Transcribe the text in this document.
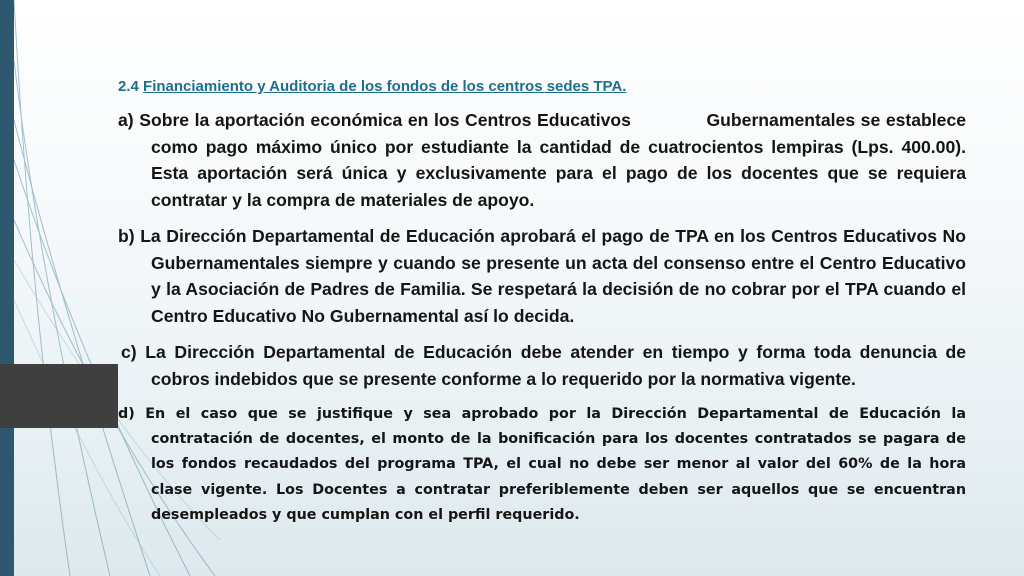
2.4 Financiamiento y Auditoria de los fondos de los centros sedes TPA.

a) Sobre la aportación económica en los Centros Educativos	Gubernamentales se establece como pago máximo único por estudiante la cantidad de cuatrocientos lempiras (Lps. 400.00). Esta aportación será única y exclusivamente para el pago de los docentes que se requiera contratar y la compra de materiales de apoyo.

b) La Dirección Departamental de Educación aprobará el pago de TPA en los Centros Educativos No Gubernamentales siempre y cuando se presente un acta del consenso entre el Centro Educativo y la Asociación de Padres de Familia. Se respetará la decisión de no cobrar por el TPA cuando el Centro Educativo No Gubernamental así lo decida.

c) La Dirección Departamental de Educación debe atender en tiempo y forma toda denuncia de cobros indebidos que se presente conforme a lo requerido por la normativa vigente.

d) En el caso que se justifique y sea aprobado por la Dirección Departamental de Educación la contratación de docentes, el monto de la bonificación para los docentes contratados se pagara de los fondos recaudados del programa TPA, el cual no debe ser menor al valor del 60% de la hora clase vigente. Los Docentes a contratar preferiblemente deben ser aquellos que se encuentran desempleados y que cumplan con el perfil requerido.
